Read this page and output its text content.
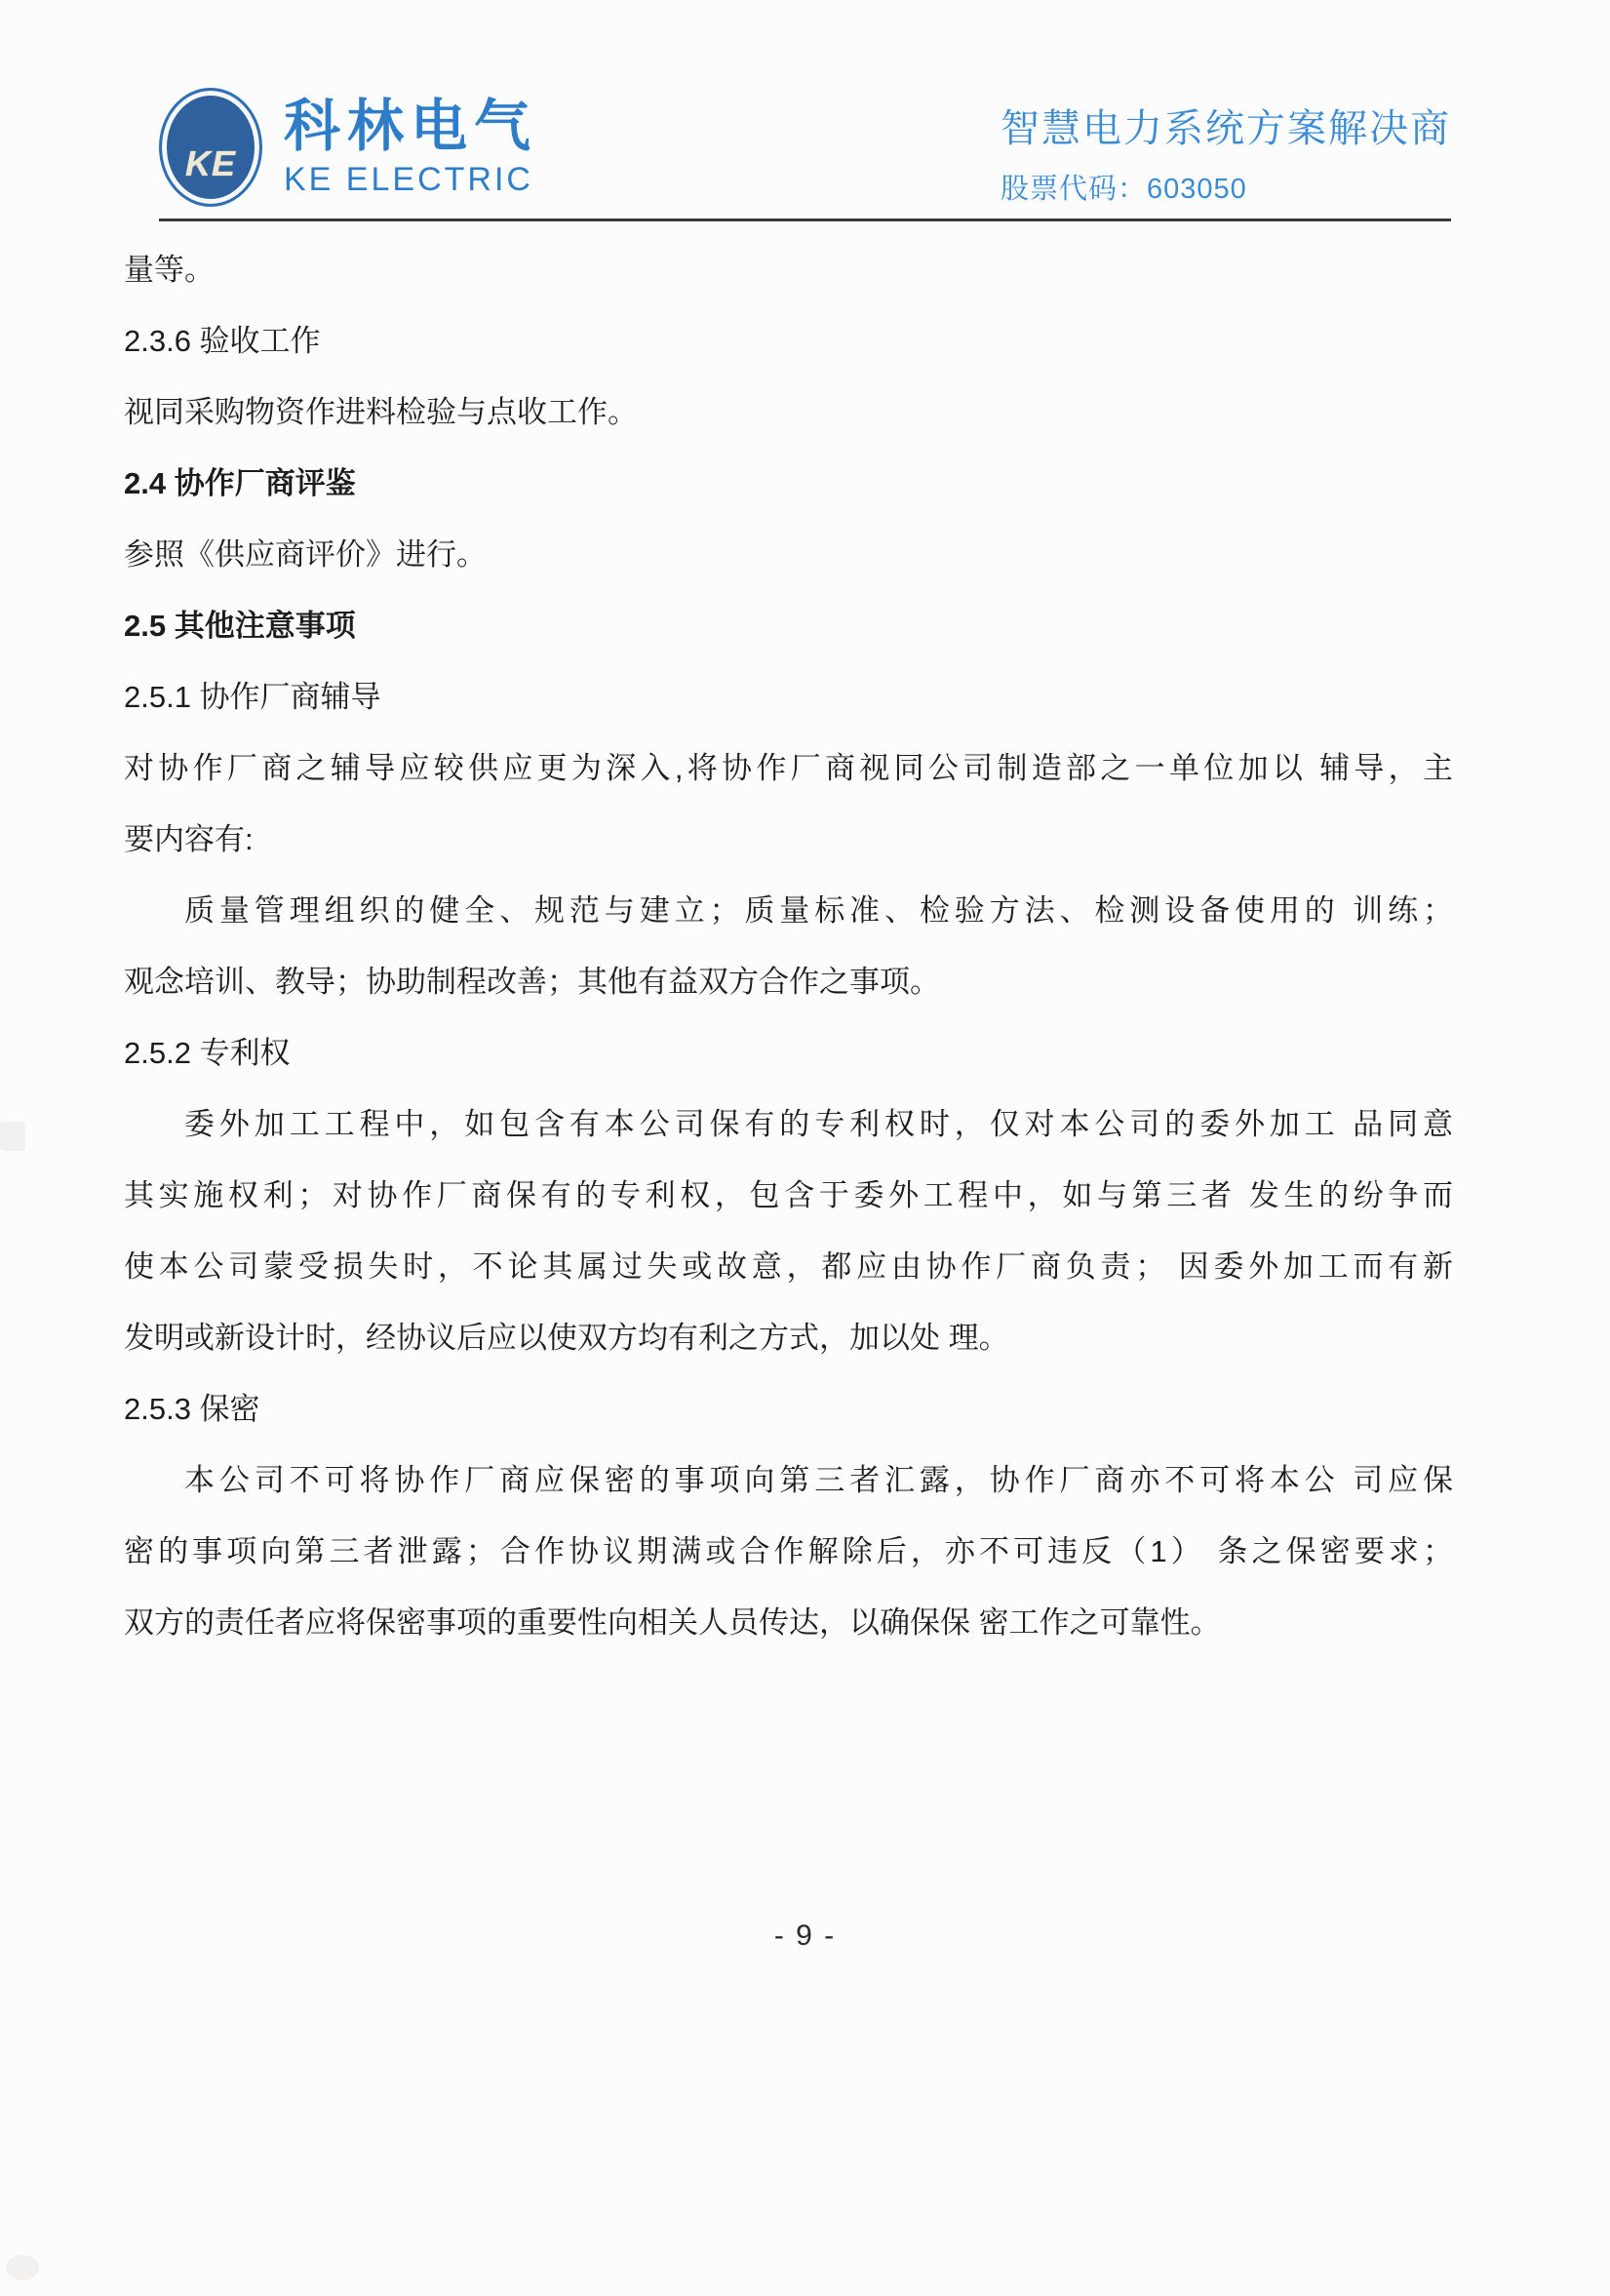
KE
科林电气
KE ELECTRIC
智慧电力系统方案解决商
股票代码：603050
量等。
2.3.6 验收工作
视同采购物资作进料检验与点收工作。
2.4 协作厂商评鉴
参照《供应商评价》进行。
2.5 其他注意事项
2.5.1 协作厂商辅导
对协作厂商之辅导应较供应更为深入,将协作厂商视同公司制造部之一单位加以 辅导，主
要内容有:
质量管理组织的健全、规范与建立；质量标准、检验方法、检测设备使用的 训练；
观念培训、教导；协助制程改善；其他有益双方合作之事项。
2.5.2 专利权
委外加工工程中，如包含有本公司保有的专利权时，仅对本公司的委外加工 品同意
其实施权利；对协作厂商保有的专利权，包含于委外工程中，如与第三者 发生的纷争而
使本公司蒙受损失时，不论其属过失或故意，都应由协作厂商负责； 因委外加工而有新
发明或新设计时，经协议后应以使双方均有利之方式，加以处 理。
2.5.3 保密
本公司不可将协作厂商应保密的事项向第三者汇露，协作厂商亦不可将本公 司应保
密的事项向第三者泄露；合作协议期满或合作解除后，亦不可违反（1） 条之保密要求；
双方的责任者应将保密事项的重要性向相关人员传达，以确保保 密工作之可靠性。
- 9 -
